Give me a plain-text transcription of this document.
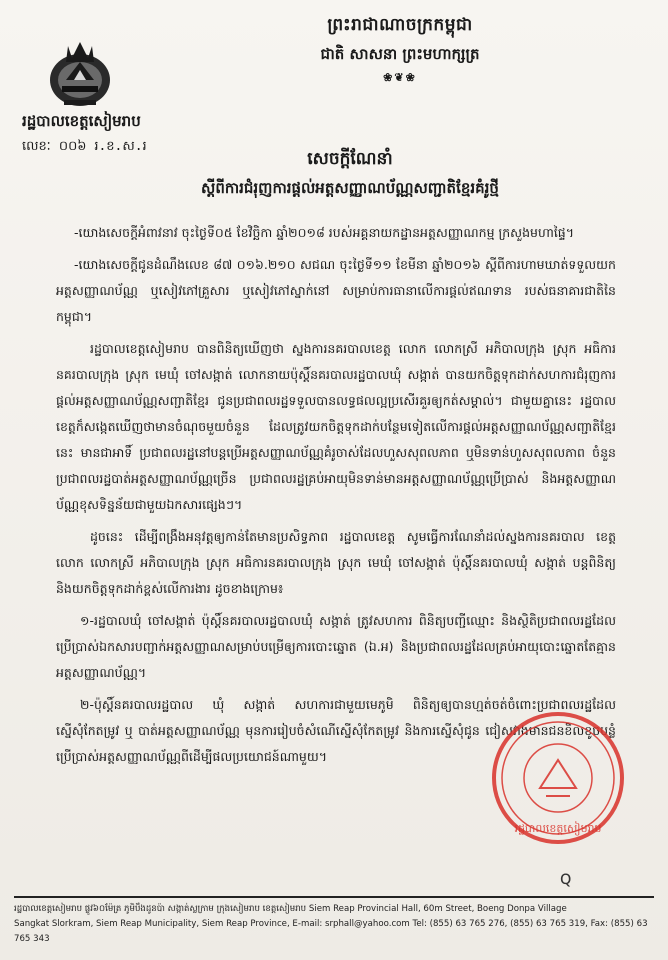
ព្រះរាជាណាចក្រកម្ពុជា
ជាតិ សាសនា ព្រះមហាក្សត្រ
❀❦❀
រដ្ឋបាលខេត្តសៀមរាប
លេខៈ ០០៦ រ.ខ.ស.រ
សេចក្តីណែនាំ
ស្តីពីការជំរុញការផ្តល់អត្តសញ្ញាណប័ណ្ណសញ្ជាតិខ្មែរគំរូថ្មី

-យោងសេចក្តីអំពាវនាវ ចុះថ្ងៃទី០៥ ខែវិច្ឆិកា ឆ្នាំ២០១៨ របស់អគ្គនាយកដ្ឋានអត្តសញ្ញាណកម្ម ក្រសួងមហាផ្ទៃ។

-យោងសេចក្តីជូនដំណឹងលេខ ៨៧ ០១៦.២១០ សជណ ចុះថ្ងៃទី១១ ខែមីនា ឆ្នាំ២០១៦ ស្តីពីការហាមឃាត់ទទួលយកអត្តសញ្ញាណប័ណ្ណ ឬសៀវភៅគ្រួសារ ឬសៀវភៅស្នាក់នៅ សម្រាប់ការធានាលើការផ្តល់ឥណទាន របស់ធនាគារជាតិនៃកម្ពុជា។

រដ្ឋបាលខេត្តសៀមរាប បានពិនិត្យឃើញថា ស្នងការនគរបាលខេត្ត លោក លោកស្រី អភិបាលក្រុង ស្រុក អធិការនគរបាលក្រុង ស្រុក មេឃុំ ចៅសង្កាត់ លោកនាយប៉ុស្តិ៍នគរបាលរដ្ឋបាលឃុំ សង្កាត់ បានយកចិត្តទុកដាក់សហការជំរុញការផ្តល់អត្តសញ្ញាណប័ណ្ណសញ្ជាតិខ្មែរ ជូនប្រជាពលរដ្ឋទទួលបានលទ្ធផលល្អប្រសើរគួរឲ្យកត់សម្គាល់។ ជាមួយគ្នានេះ រដ្ឋបាលខេត្តក៏សង្កេតឃើញថាមានចំណុចមួយចំនួន ដែលត្រូវយកចិត្តទុកដាក់បន្ថែមទៀតលើការផ្តល់អត្តសញ្ញាណប័ណ្ណសញ្ជាតិខ្មែរនេះ មានជាអាទិ៍ ប្រជាពលរដ្ឋនៅបន្តប្រើអត្តសញ្ញាណប័ណ្ណគំរូចាស់ដែលហួសសុពលភាព ឬមិនទាន់ហួសសុពលភាព ចំនួនប្រជាពលរដ្ឋបាត់អត្តសញ្ញាណប័ណ្ណច្រើន ប្រជាពលរដ្ឋគ្រប់អាយុមិនទាន់មានអត្តសញ្ញាណប័ណ្ណប្រើប្រាស់ និងអត្តសញ្ញាណប័ណ្ណខុសទិន្នន័យជាមួយឯកសារផ្សេងៗ។

ដូចនេះ ដើម្បីពង្រឹងអនុវត្តឲ្យកាន់តែមានប្រសិទ្ធភាព រដ្ឋបាលខេត្ត សូមធ្វើការណែនាំដល់ស្នងការនគរបាល ខេត្ត លោក លោកស្រី អភិបាលក្រុង ស្រុក អធិការនគរបាលក្រុង ស្រុក មេឃុំ ចៅសង្កាត់ ប៉ុស្តិ៍នគរបាលឃុំ សង្កាត់ បន្តពិនិត្យ និងយកចិត្តទុកដាក់ខ្ពស់លើការងារ ដូចខាងក្រោម៖

១-រដ្ឋបាលឃុំ ចៅសង្កាត់ ប៉ុស្តិ៍នគរបាលរដ្ឋបាលឃុំ សង្កាត់ ត្រូវសហការ ពិនិត្យបញ្ជីឈ្មោះ និងស្ថិតិប្រជាពលរដ្ឋដែលប្រើប្រាស់ឯកសារបញ្ជាក់អត្តសញ្ញាណសម្រាប់បម្រើឲ្យការបោះឆ្នោត (ឯ.អ) និងប្រជាពលរដ្ឋដែលគ្រប់អាយុបោះឆ្នោតតែគ្មានអត្តសញ្ញាណប័ណ្ណ។

២-ប៉ុស្តិ៍នគរបាលរដ្ឋបាល ឃុំ សង្កាត់ សហការជាមួយមេភូមិ ពិនិត្យឲ្យបានហ្មត់ចត់ចំពោះប្រជាពលរដ្ឋដែលស្នើសុំកែតម្រូវ ឬ បាត់អត្តសញ្ញាណប័ណ្ណ មុនការរៀបចំសំណើស្នើសុំកែតម្រូវ និងការស្នើសុំជូន ជៀសវាងមានជនខិលខូចបន្លំប្រើប្រាស់អត្តសញ្ញាណប័ណ្ណពីដើម្បីផលប្រយោជន៍ណាមួយ។

រដ្ឋបាលខេត្តសៀមរាប
ꞯ
រដ្ឋបាលខេត្តសៀមរាប ផ្លូវ៦០ម៉ែត្រ ភូមិបឹងដូនប៉ា សង្កាត់ស្លក្រាម ក្រុងសៀមរាប ខេត្តសៀមរាប Siem Reap Provincial Hall, 60m Street, Boeng Donpa Village
Sangkat Slorkram, Siem Reap Municipality, Siem Reap Province, E-mail: srphall@yahoo.com Tel: (855) 63 765 276, (855) 63 765 319, Fax: (855) 63 765 343
